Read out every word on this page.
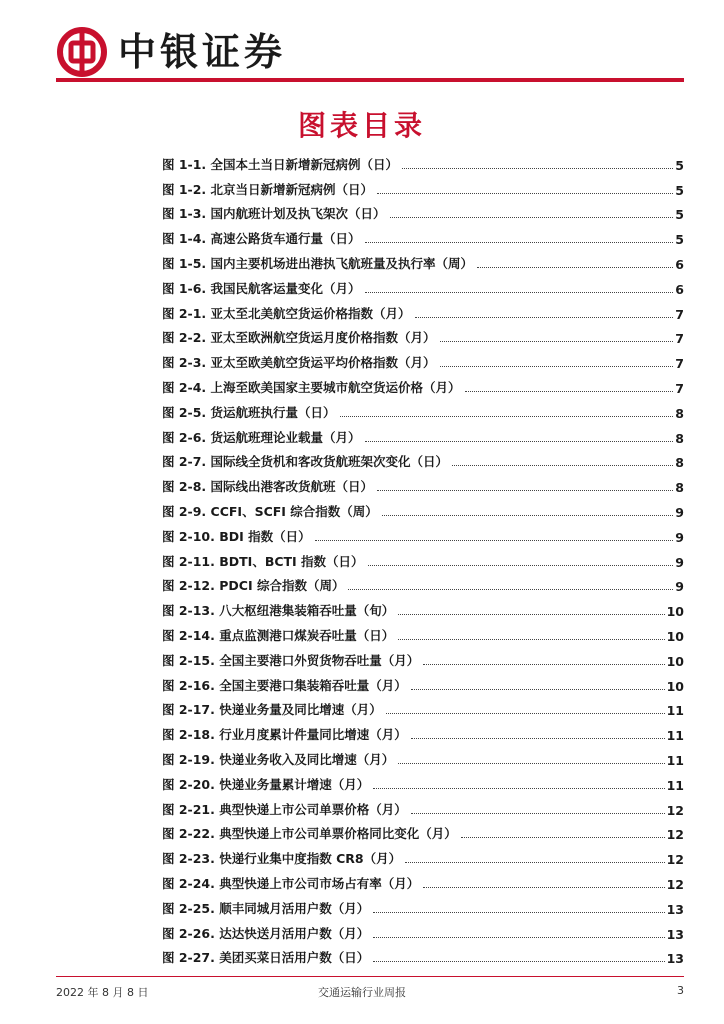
中银证券
图表目录
图 1-1. 全国本土当日新增新冠病例（日）	5
图 1-2. 北京当日新增新冠病例（日）	5
图 1-3. 国内航班计划及执飞架次（日）	5
图 1-4. 高速公路货车通行量（日）	5
图 1-5. 国内主要机场进出港执飞航班量及执行率（周）	6
图 1-6. 我国民航客运量变化（月）	6
图 2-1. 亚太至北美航空货运价格指数（月）	7
图 2-2. 亚太至欧洲航空货运月度价格指数（月）	7
图 2-3. 亚太至欧美航空货运平均价格指数（月）	7
图 2-4. 上海至欧美国家主要城市航空货运价格（月）	7
图 2-5. 货运航班执行量（日）	8
图 2-6. 货运航班理论业载量（月）	8
图 2-7. 国际线全货机和客改货航班架次变化（日）	8
图 2-8. 国际线出港客改货航班（日）	8
图 2-9. CCFI、SCFI 综合指数（周）	9
图 2-10. BDI 指数（日）	9
图 2-11. BDTI、BCTI 指数（日）	9
图 2-12. PDCI 综合指数（周）	9
图 2-13. 八大枢纽港集装箱吞吐量（旬）	10
图 2-14. 重点监测港口煤炭吞吐量（日）	10
图 2-15. 全国主要港口外贸货物吞吐量（月）	10
图 2-16. 全国主要港口集装箱吞吐量（月）	10
图 2-17. 快递业务量及同比增速（月）	11
图 2-18. 行业月度累计件量同比增速（月）	11
图 2-19. 快递业务收入及同比增速（月）	11
图 2-20. 快递业务量累计增速（月）	11
图 2-21. 典型快递上市公司单票价格（月）	12
图 2-22. 典型快递上市公司单票价格同比变化（月）	12
图 2-23. 快递行业集中度指数 CR8（月）	12
图 2-24. 典型快递上市公司市场占有率（月）	12
图 2-25. 顺丰同城月活用户数（月）	13
图 2-26. 达达快送月活用户数（月）	13
图 2-27. 美团买菜日活用户数（日）	13
2022 年 8 月 8 日	交通运输行业周报	3
